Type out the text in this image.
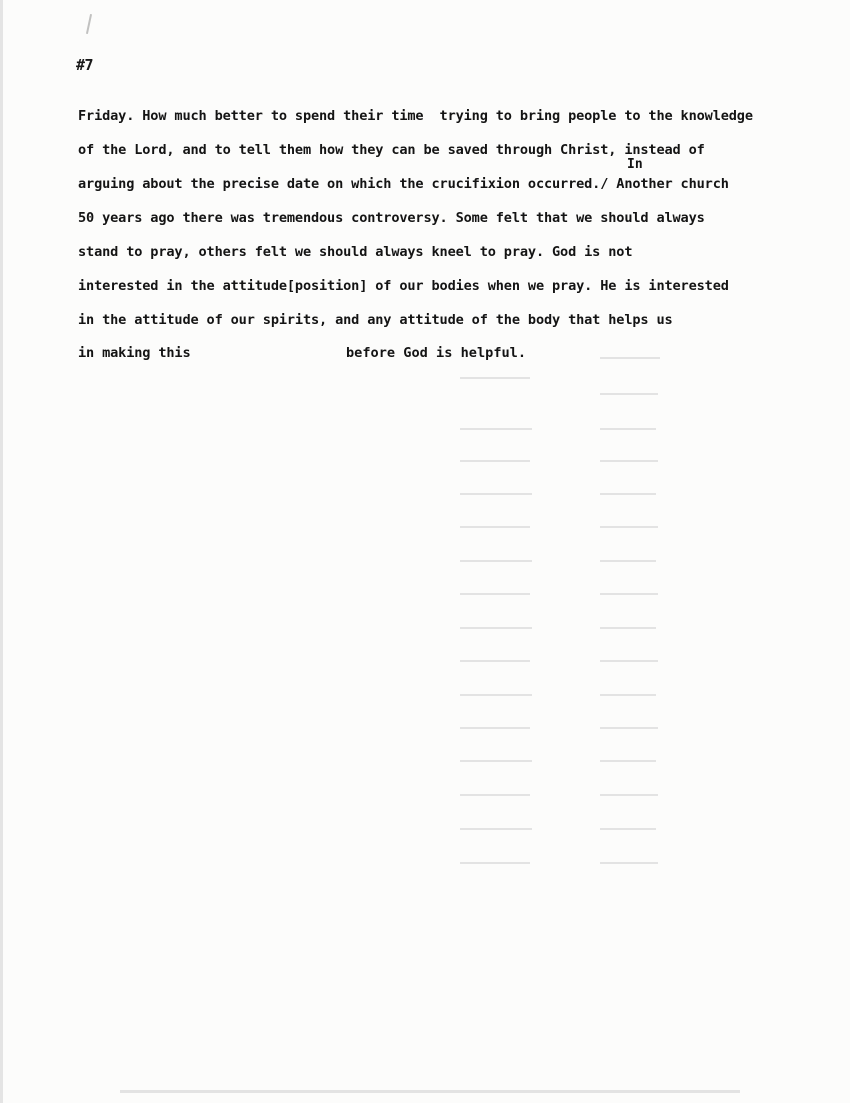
#7
In
Friday. How much better to spend their time  trying to bring people to the knowledge
of the Lord, and to tell them how they can be saved through Christ, instead of
arguing about the precise date on which the crucifixion occurred./ Another church
50 years ago there was tremendous controversy. Some felt that we should always
stand to pray, others felt we should always kneel to pray. God is not
interested in the attitude[position] of our bodies when we pray. He is interested
in the attitude of our spirits, and any attitude of the body that helps us
in making this	before God is helpful.
